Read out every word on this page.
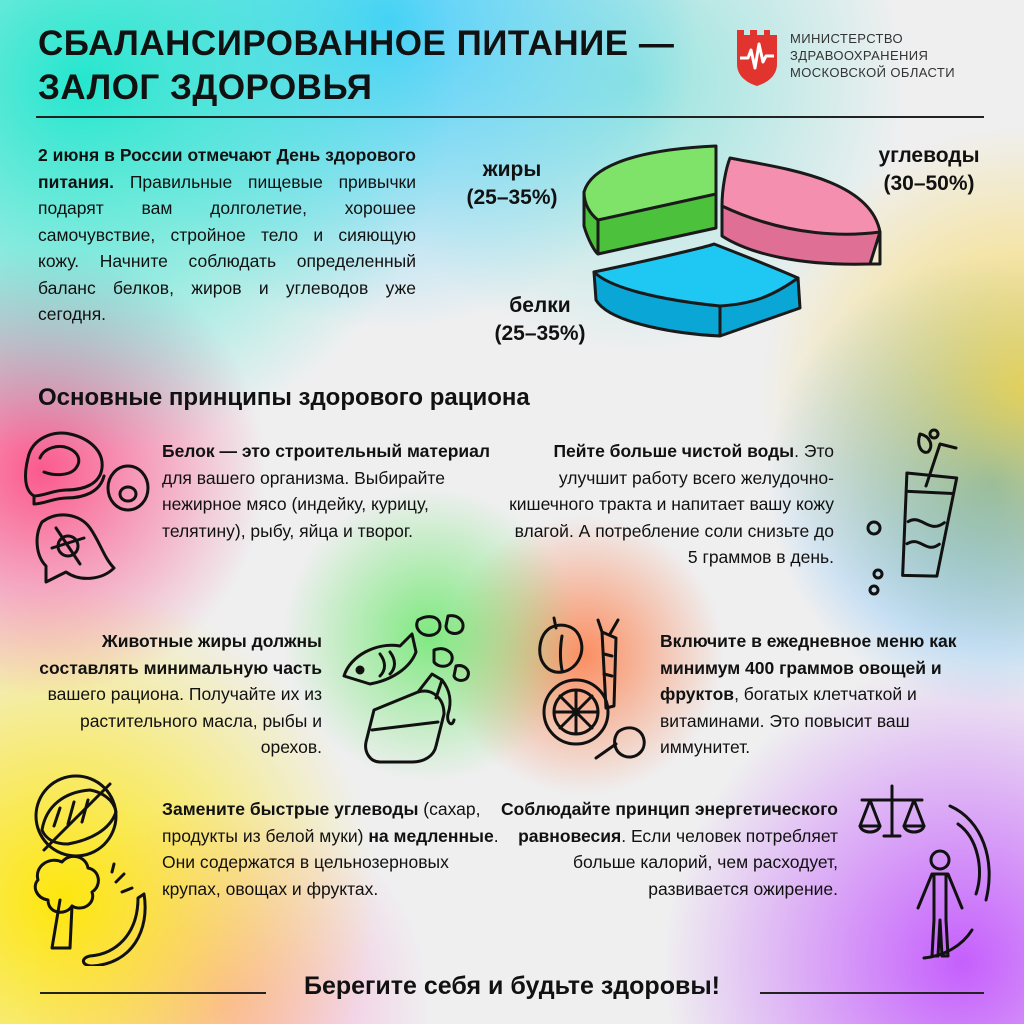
СБАЛАНСИРОВАННОЕ ПИТАНИЕ —
ЗАЛОГ ЗДОРОВЬЯ
МИНИСТЕРСТВО
ЗДРАВООХРАНЕНИЯ
МОСКОВСКОЙ ОБЛАСТИ
2 июня в России отмечают День здорового питания. Правильные пищевые привычки подарят вам долголетие, хорошее самочувствие, стройное тело и сияющую кожу. Начните соблюдать определенный баланс белков, жиров и углеводов уже сегодня.
жиры
(25–35%)
углеводы
(30–50%)
белки
(25–35%)
Основные принципы здорового рациона
Белок — это строительный материал для вашего организма. Выбирайте нежирное мясо (индейку, курицу, телятину), рыбу, яйца и творог.
Пейте больше чистой воды. Это улучшит работу всего желудочно-кишечного тракта и напитает вашу кожу влагой. А потребление соли снизьте до 5 граммов в день.
Животные жиры должны составлять минимальную часть вашего рациона. Получайте их из растительного масла, рыбы и орехов.
Включите в ежедневное меню как минимум 400 граммов овощей и фруктов, богатых клетчаткой и витаминами. Это повысит ваш иммунитет.
Замените быстрые углеводы (сахар, продукты из белой муки) на медленные. Они содержатся в цельнозерновых крупах, овощах и фруктах.
Соблюдайте принцип энергетического равновесия. Если человек потребляет больше калорий, чем расходует, развивается ожирение.
Берегите себя и будьте здоровы!
